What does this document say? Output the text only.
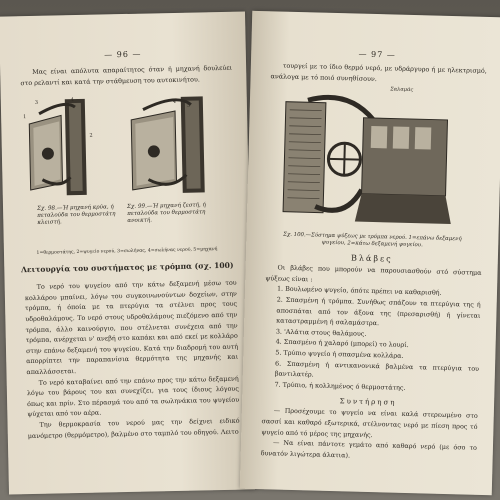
— 96 —

Μας είναι απόλυτα απαραίτητος όταν ή μηχανή δουλεύει στο ρελαντί και κατά την στάθμευση του αυτοκινήτου.

1
3	4
2
4
5
Σχ. 98.—Ή μηχανή κρύα, ή πεταλούδα του θερμοστάτη κλειστή.
Σχ. 99.—Ή μηχανή ζεστή, ή πεταλούδα του θερμοστάτη ανοικτή.
1=θερμοστάτης, 2=ψυγείο νερού, 3=σωλήνας, 4=σωλήνας νερού, 5=μηχανή
Λειτουργία του συστήματος με τρόμπα (σχ. 100)

Το νερό του ψυγείου από την κάτω δεξαμενή μέσω του κολλάρου μπαίνει, λόγω του συγκοινωνούντων δοχείων, στην τρόμπα, ή όποία με τα πτερύγια τα στέλνει προς τους υδροθαλάμους. Το νερό στους υδροθαλάμους πιεζόμενο από την τρόμπα, άλλο καινούργιο, που στέλνεται συνέχεια από την τρόμπα, ανέρχεται ν' ανεβή στο καπάκι και από εκεί με κολλάρο στην επάνω δεξαμενή του ψυγείου. Κατά την διαδρομή του αυτή απορρίπτει την παραπανίσια θερμότητα της μηχανής και απαλλάσσεται.

Το νερό καταβαίνει από την επάνω προς την κάτω δεξαμενή λόγω του βάρους του και συνεχίζει, για τους ίδιους λόγους όπως και πρίν. Στο πέρασμά του από τα σωληνάκια του ψυγείου ψύχεται από τον αέρα.

Την θερμοκρασία του νερού μας την δείχνει ειδικό μανόμετρο (θερμόμετρο), βαλμένο στο ταμπλό του οδηγού. Λειτο

— 97 —

τουργεί με το ίδιο θερμό νερό, με υδράργυρο ή με ηλεκτρισμό, ανάλογα με τό ποιό συνηθίσουν.

Σαλαμάς
Σχ. 100.—Σύστημα ψύξεως με τρόμπα νερού. 1=επάνω δεξαμενή ψυγείου, 2=κάτω δεξαμενή ψυγείου.
Βλάβες

Οι βλάβες που μπορούν να παρουσιασθούν στό σύστημα ψύξεως είναι :

1. Βουλωμένο ψυγείο, όπότε πρέπει να καθαρισθή.
2. Σπασμένη ή τρόμπα. Συνήθως σπάζουν τα πτερύγια της ή αποσπάται από τον άξονα της (πρεσαρισθή) ή γίνεται καταστραμμένη ή σαλαμάστρα.
3. 'Αλάτια στους θαλάμους.
4. Σπασμένο ή χαλαρό (μπορεί) το λουρί.
5. Τρύπιο ψυγείο ή σπασμένα κολλάρα.
6. Σπασμένη ή αντικανονικά βαλμένα τα πτερύγια του βαντιλατέρ.
7. Τρύπιο, ή κολλημένος ό θερμοστάτης.
Συντήρηση

— Προσέχουμε το ψυγείο να είναι καλά στερεωμένο στο σασσί και καθαρό εξωτερικά, στέλνοντας νερό με πίεση προς τό ψυγείο από τό μέρος της μηχανής.

— Να είναι πάντοτε γεμάτο από καθαρό νερό (με όσο το δυνατόν λιγώτερα άλατια).
